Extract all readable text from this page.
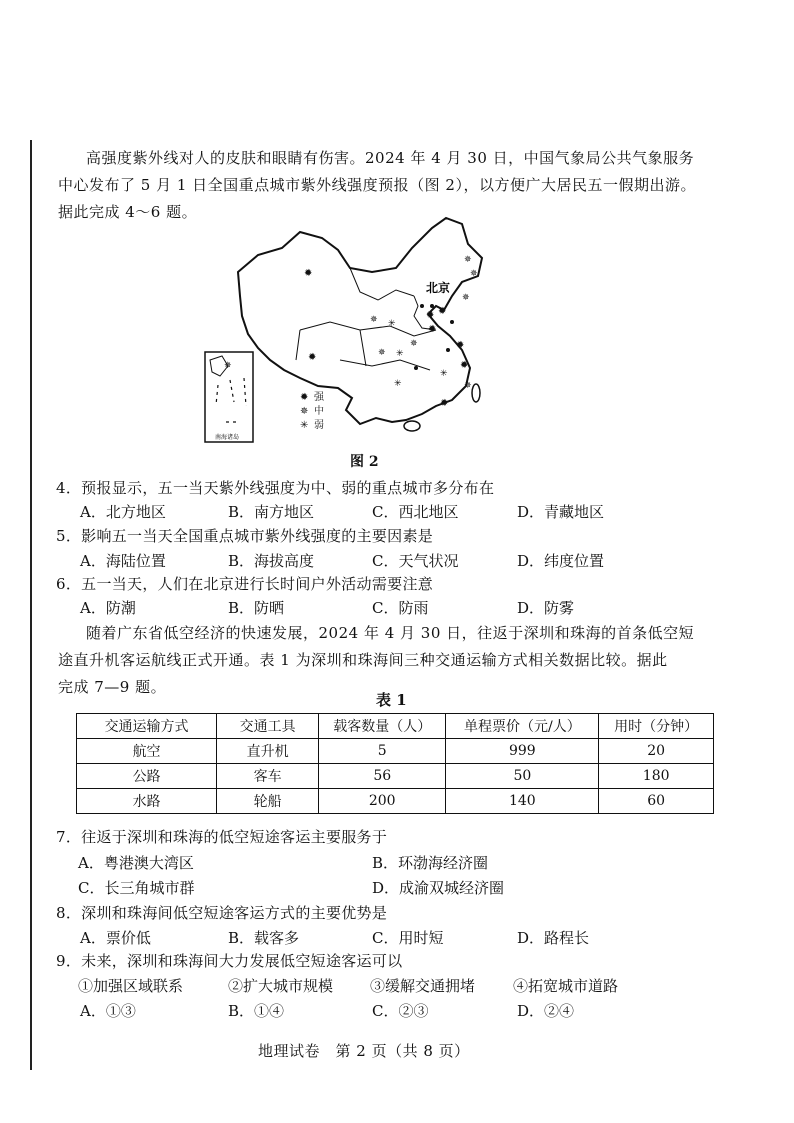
高强度紫外线对人的皮肤和眼睛有伤害。2024 年 4 月 30 日，中国气象局公共气象服务
中心发布了 5 月 1 日全国重点城市紫外线强度预报（图 2），以方便广大居民五一假期出游。
据此完成 4～6 题。
北京
✹
✹
✹
✹
✹
✹
✹
✹
✵
✵
✵
✵
✵
✵
✵
✳
✳
✳
✳
南海诸岛
✵
✹ 强
✵ 中
✳ 弱
图 2
4．预报显示，五一当天紫外线强度为中、弱的重点城市多分布在
A．北方地区	B．南方地区	C．西北地区	D．青藏地区
5．影响五一当天全国重点城市紫外线强度的主要因素是
A．海陆位置	B．海拔高度	C．天气状况	D．纬度位置
6．五一当天，人们在北京进行长时间户外活动需要注意
A．防潮	B．防晒	C．防雨	D．防雾
随着广东省低空经济的快速发展，2024 年 4 月 30 日，往返于深圳和珠海的首条低空短
途直升机客运航线正式开通。表 1 为深圳和珠海间三种交通运输方式相关数据比较。据此
完成 7—9 题。
表 1
交通运输方式	交通工具	载客数量（人）	单程票价（元/人）	用时（分钟）
航空	直升机	5	999	20
公路	客车	56	50	180
水路	轮船	200	140	60
7．往返于深圳和珠海的低空短途客运主要服务于
A．粤港澳大湾区	B．环渤海经济圈
C．长三角城市群	D．成渝双城经济圈
8．深圳和珠海间低空短途客运方式的主要优势是
A．票价低	B．载客多	C．用时短	D．路程长
9．未来，深圳和珠海间大力发展低空短途客运可以
①加强区域联系	②扩大城市规模 ③缓解交通拥堵	④拓宽城市道路
A．①③	B．①④	C．②③	D．②④
地理试卷　第 2 页（共 8 页）
